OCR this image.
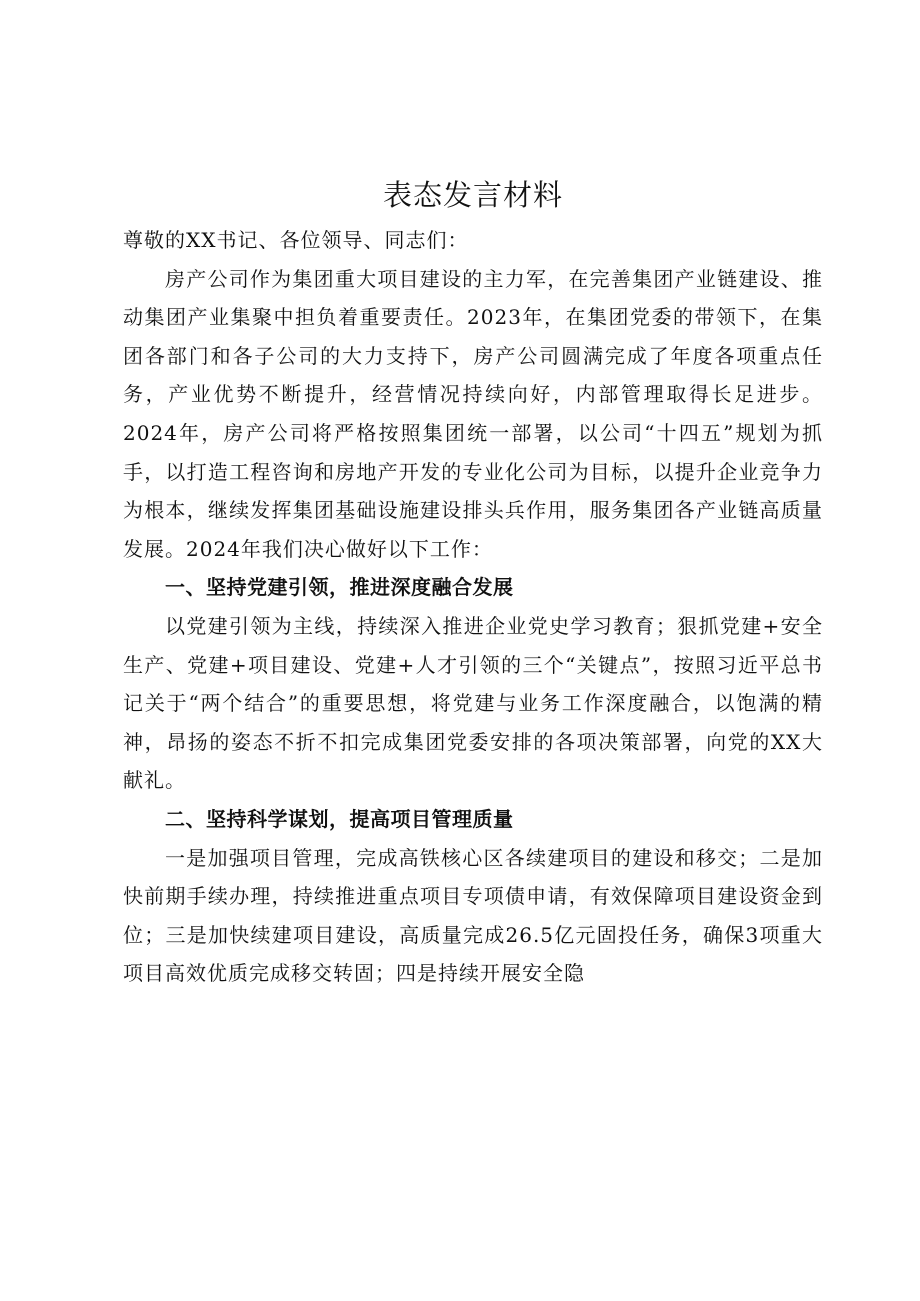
表态发言材料

尊敬的XX书记、各位领导、同志们：

房产公司作为集团重大项目建设的主力军，在完善集团产业链建设、推动集团产业集聚中担负着重要责任。2023年，在集团党委的带领下，在集团各部门和各子公司的大力支持下，房产公司圆满完成了年度各项重点任务，产业优势不断提升，经营情况持续向好，内部管理取得长足进步。2024年，房产公司将严格按照集团统一部署，以公司“十四五”规划为抓手，以打造工程咨询和房地产开发的专业化公司为目标，以提升企业竞争力为根本，继续发挥集团基础设施建设排头兵作用，服务集团各产业链高质量发展。2024年我们决心做好以下工作：

一、坚持党建引领，推进深度融合发展

以党建引领为主线，持续深入推进企业党史学习教育；狠抓党建+安全生产、党建+项目建设、党建+人才引领的三个“关键点”，按照习近平总书记关于“两个结合”的重要思想，将党建与业务工作深度融合，以饱满的精神，昂扬的姿态不折不扣完成集团党委安排的各项决策部署，向党的XX大献礼。

二、坚持科学谋划，提高项目管理质量

一是加强项目管理，完成高铁核心区各续建项目的建设和移交；二是加快前期手续办理，持续推进重点项目专项债申请，有效保障项目建设资金到位；三是加快续建项目建设，高质量完成26.5亿元固投任务，确保3项重大项目高效优质完成移交转固；四是持续开展安全隐
